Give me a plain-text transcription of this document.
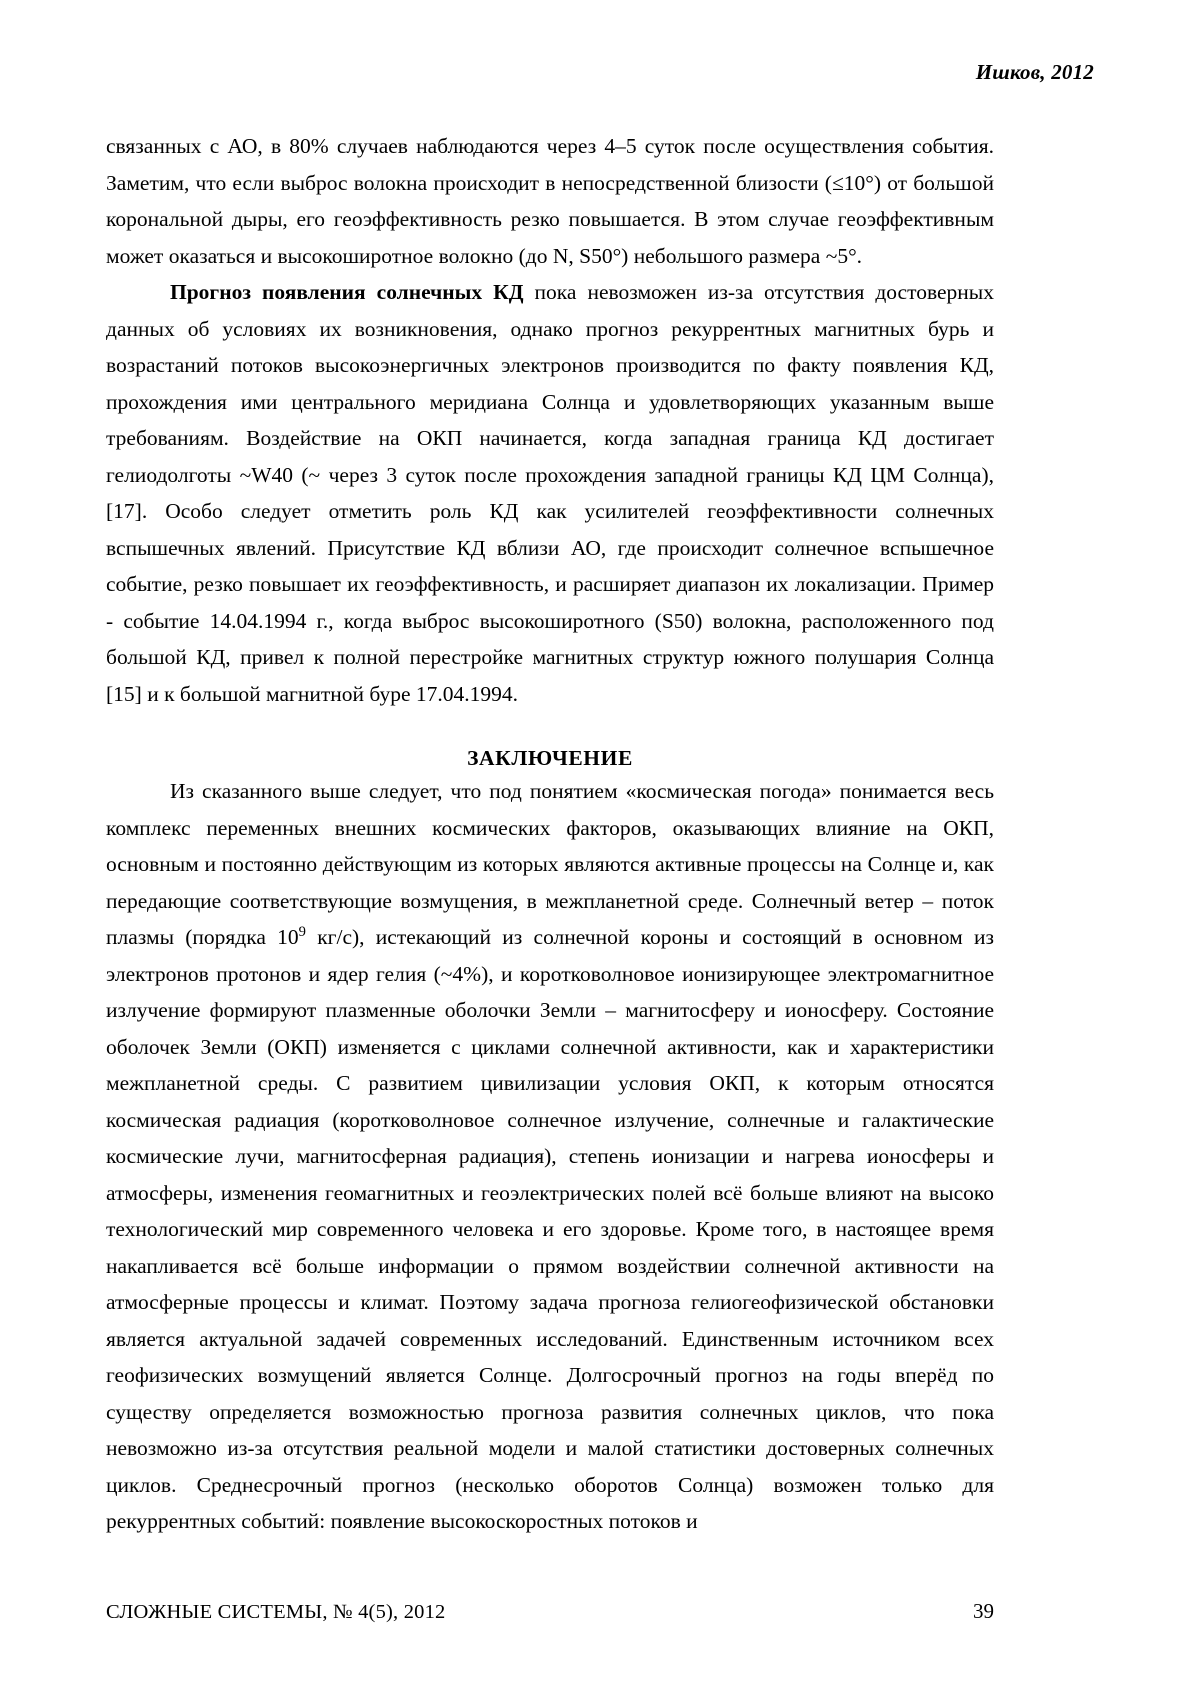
Ишков, 2012

связанных с АО, в 80% случаев наблюдаются через 4–5 суток после осуществления события. Заметим, что если выброс волокна происходит в непосредственной близости (≤10°) от большой корональной дыры, его геоэффективность резко повышается. В этом случае геоэффективным может оказаться и высокоширотное волокно (до N, S50°) небольшого размера ~5°.

Прогноз появления солнечных КД пока невозможен из-за отсутствия достоверных данных об условиях их возникновения, однако прогноз рекуррентных магнитных бурь и возрастаний потоков высокоэнергичных электронов производится по факту появления КД, прохождения ими центрального меридиана Солнца и удовлетворяющих указанным выше требованиям. Воздействие на ОКП начинается, когда западная граница КД достигает гелиодолготы ~W40 (~ через 3 суток после прохождения западной границы КД ЦМ Солнца), [17]. Особо следует отметить роль КД как усилителей геоэффективности солнечных вспышечных явлений. Присутствие КД вблизи АО, где происходит солнечное вспышечное событие, резко повышает их геоэффективность, и расширяет диапазон их локализации. Пример - событие 14.04.1994 г., когда выброс высокоширотного (S50) волокна, расположенного под большой КД, привел к полной перестройке магнитных структур южного полушария Солнца [15] и к большой магнитной буре 17.04.1994.

ЗАКЛЮЧЕНИЕ

Из сказанного выше следует, что под понятием «космическая погода» понимается весь комплекс переменных внешних космических факторов, оказывающих влияние на ОКП, основным и постоянно действующим из которых являются активные процессы на Солнце и, как передающие соответствующие возмущения, в межпланетной среде. Солнечный ветер – поток плазмы (порядка $10^9$ кг/с), истекающий из солнечной короны и состоящий в основном из электронов протонов и ядер гелия (~4%), и коротковолновое ионизирующее электромагнитное излучение формируют плазменные оболочки Земли – магнитосферу и ионосферу. Состояние оболочек Земли (ОКП) изменяется с циклами солнечной активности, как и характеристики межпланетной среды. С развитием цивилизации условия ОКП, к которым относятся космическая радиация (коротковолновое солнечное излучение, солнечные и галактические космические лучи, магнитосферная радиация), степень ионизации и нагрева ионосферы и атмосферы, изменения геомагнитных и геоэлектрических полей всё больше влияют на высоко технологический мир современного человека и его здоровье. Кроме того, в настоящее время накапливается всё больше информации о прямом воздействии солнечной активности на атмосферные процессы и климат. Поэтому задача прогноза гелиогеофизической обстановки является актуальной задачей современных исследований. Единственным источником всех геофизических возмущений является Солнце. Долгосрочный прогноз на годы вперёд по существу определяется возможностью прогноза развития солнечных циклов, что пока невозможно из-за отсутствия реальной модели и малой статистики достоверных солнечных циклов. Среднесрочный прогноз (несколько оборотов Солнца) возможен только для рекуррентных событий: появление высокоскоростных потоков и

СЛОЖНЫЕ СИСТЕМЫ, № 4(5), 2012	39
